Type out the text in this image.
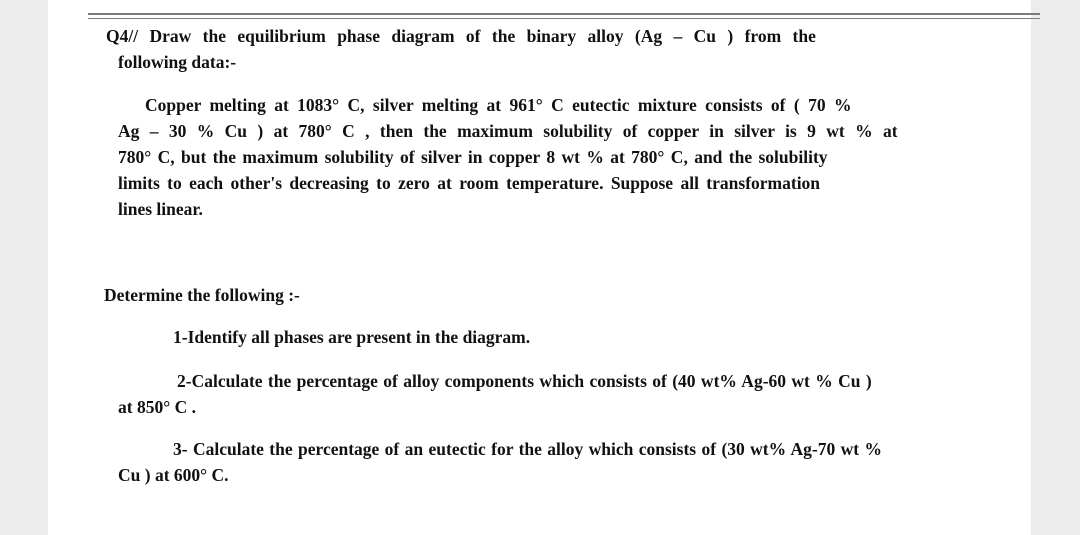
Q4// Draw the equilibrium phase diagram of the binary alloy (Ag – Cu ) from the

following data:-

Copper melting at 1083° C, silver melting at 961° C eutectic mixture consists of ( 70 %

Ag – 30 % Cu ) at 780° C , then the maximum solubility of copper in silver is 9 wt % at

780° C, but the maximum solubility of silver in copper 8 wt % at 780° C, and the solubility

limits to each other's decreasing to zero at room temperature. Suppose all transformation

lines linear.

Determine the following :-

1-Identify all phases are present in the diagram.

2-Calculate the percentage of alloy components which consists of (40 wt% Ag-60 wt % Cu )

at 850° C .

3- Calculate the percentage of an eutectic for the alloy which consists of (30 wt% Ag-70 wt %

Cu ) at 600° C.
